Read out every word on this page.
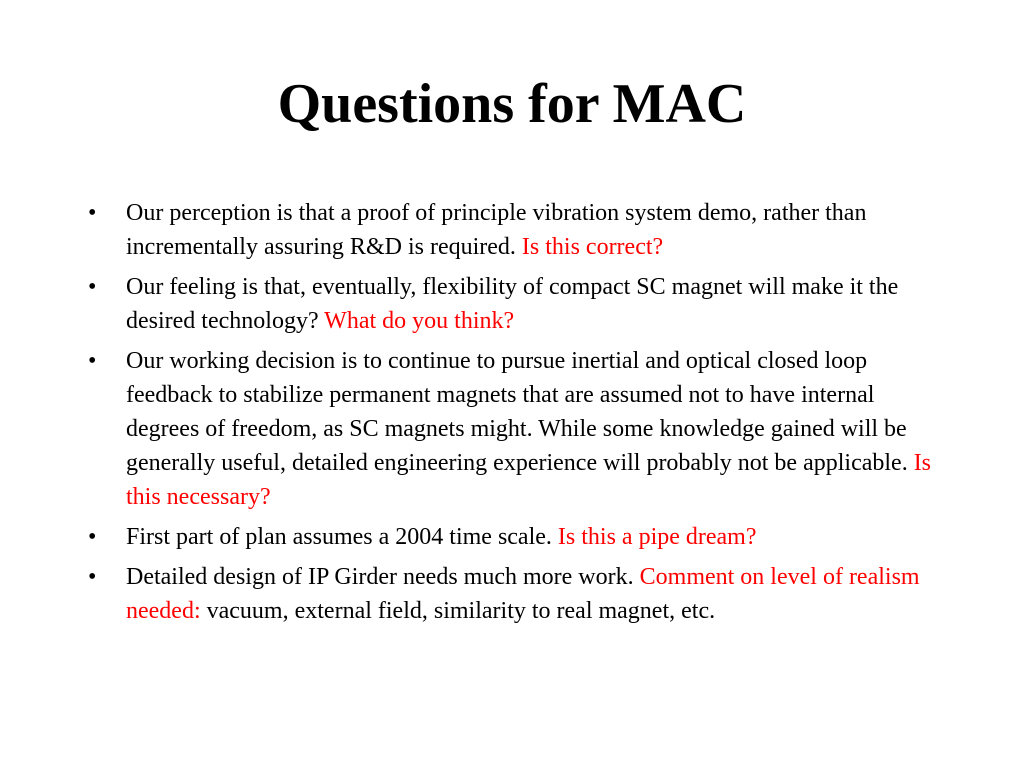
Questions for MAC
•	Our perception is that a proof of principle vibration system demo, rather than incrementally assuring R&D is required. Is this correct?
•	Our feeling is that, eventually, flexibility of compact SC magnet will make it the desired technology? What do you think?
•	Our working decision is to continue to pursue inertial and optical closed loop feedback to stabilize permanent magnets that are assumed not to have internal degrees of freedom, as SC magnets might. While some knowledge gained will be generally useful, detailed engineering experience will probably not be applicable. Is this necessary?
•	First part of plan assumes a 2004 time scale. Is this a pipe dream?
•	Detailed design of IP Girder needs much more work. Comment on level of realism needed: vacuum, external field, similarity to real magnet, etc.
